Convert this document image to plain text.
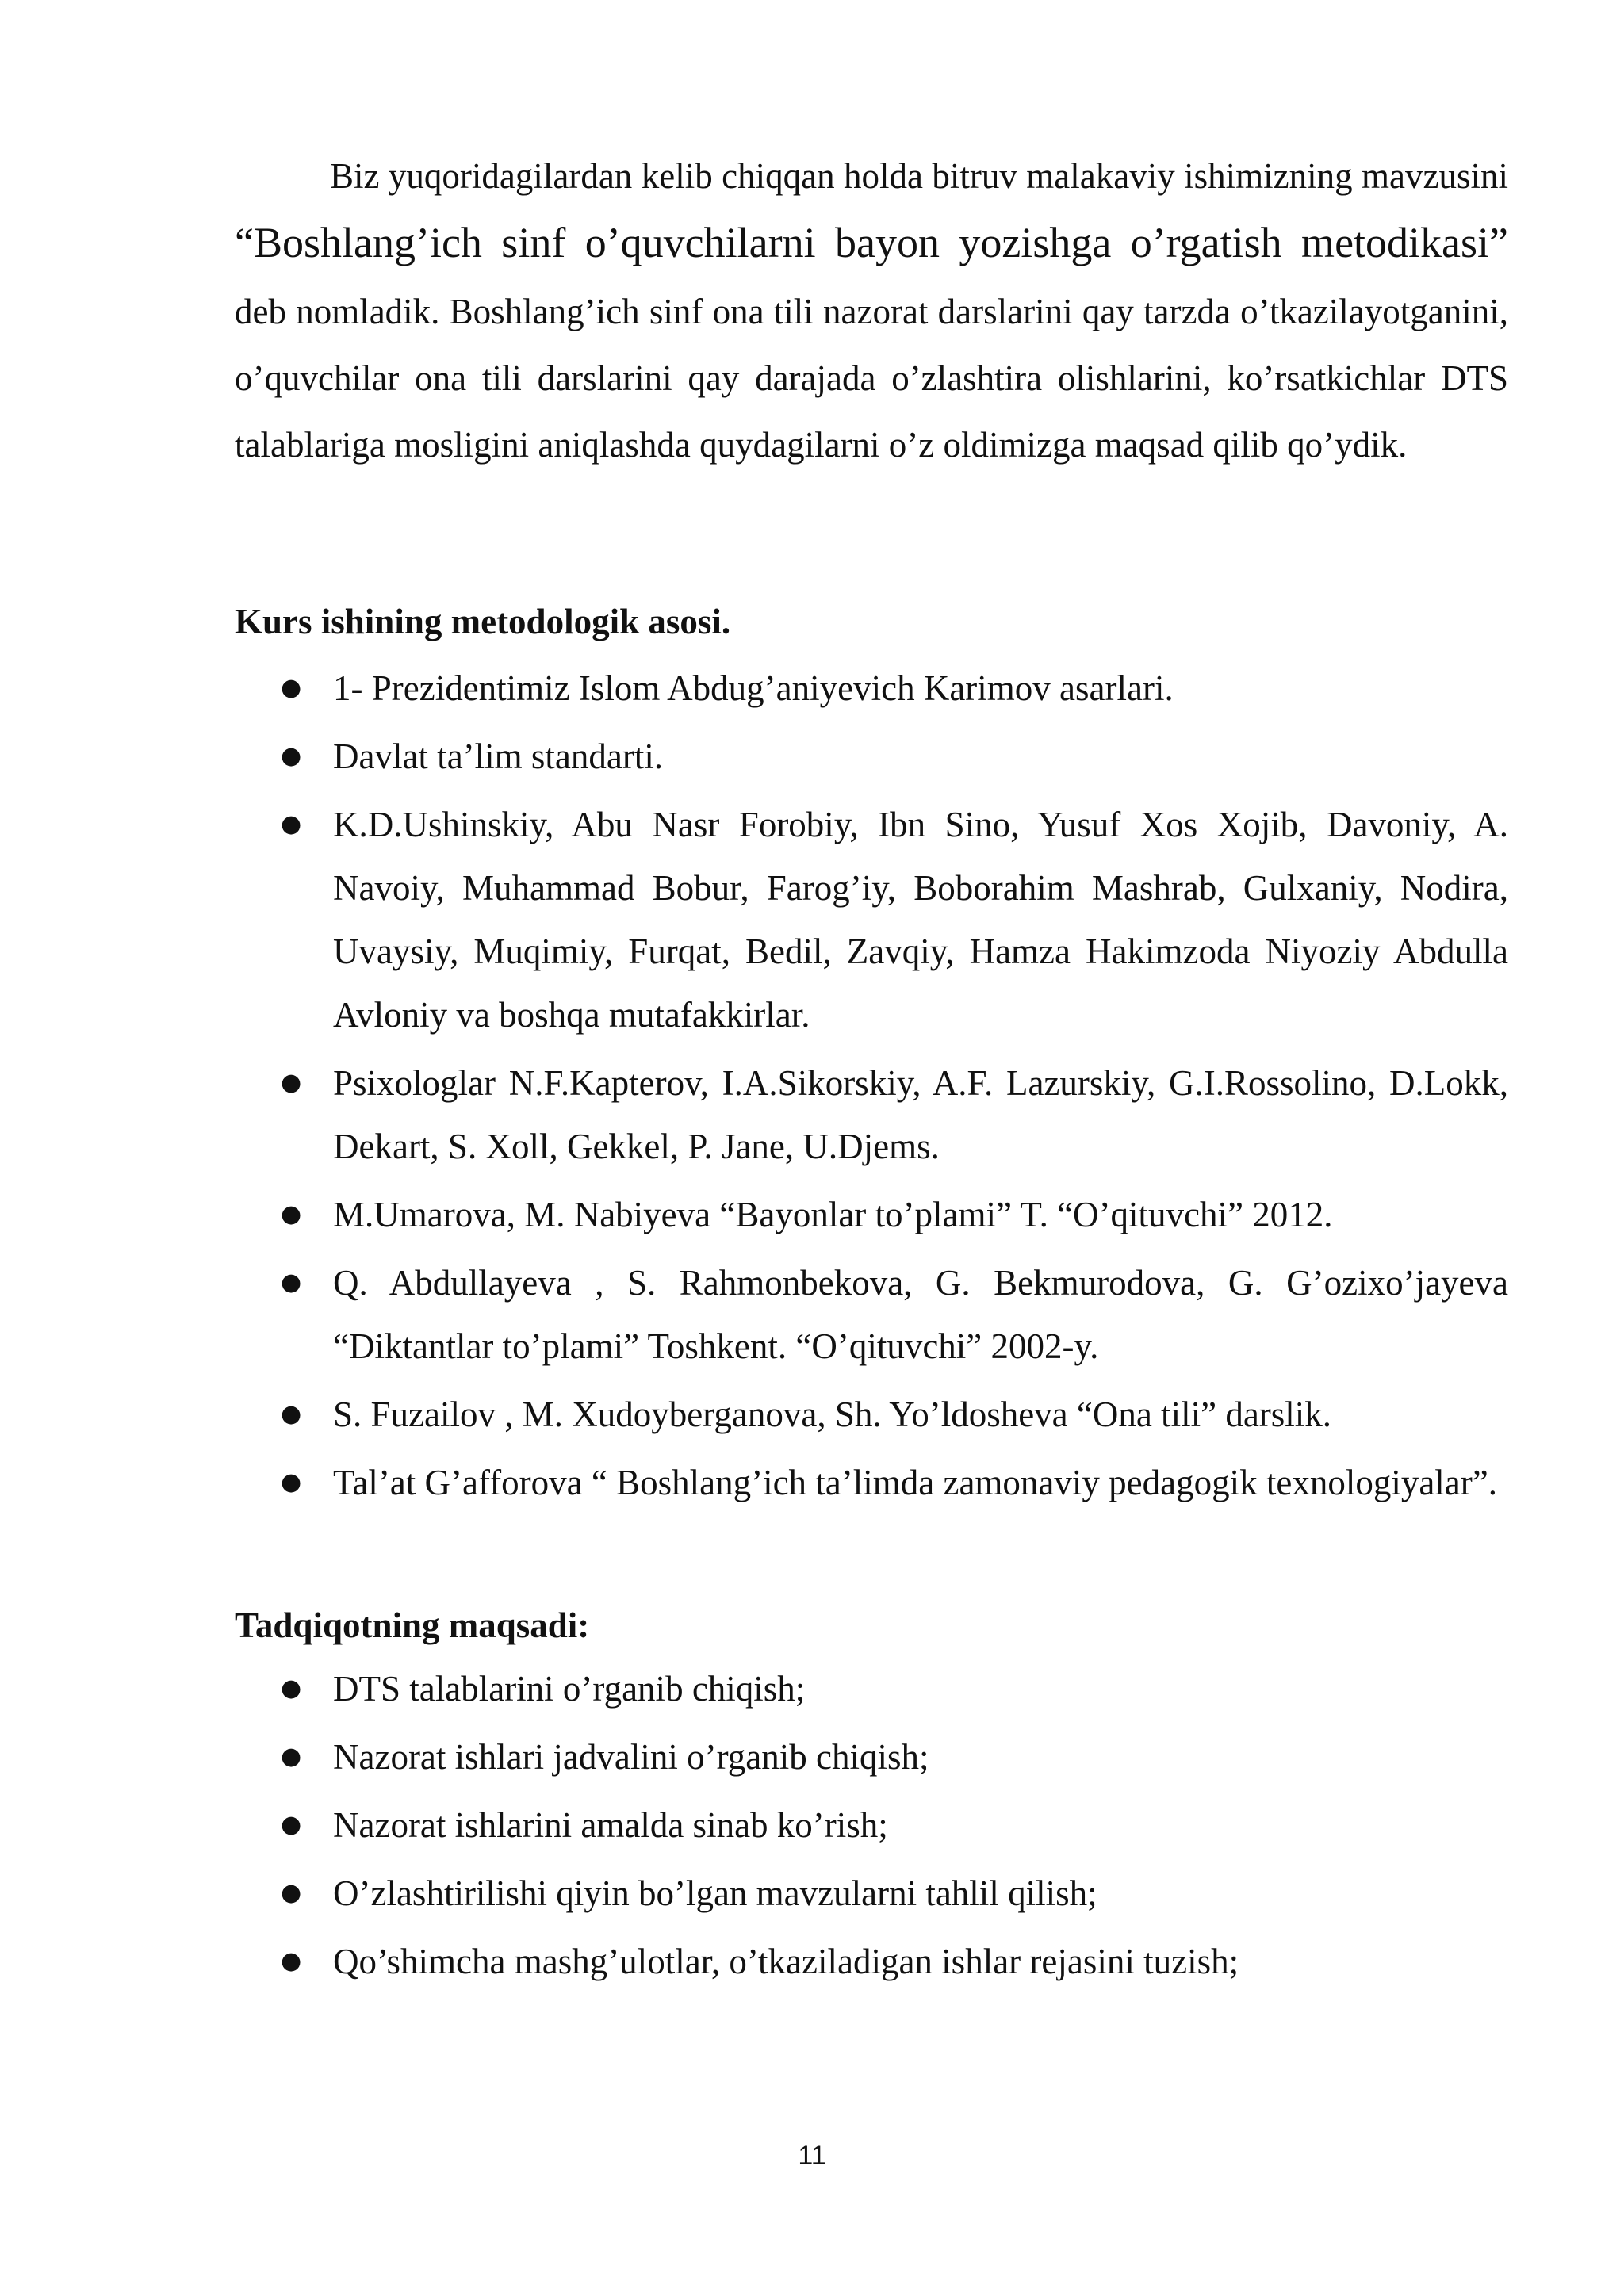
Biz yuqoridagilardan kelib chiqqan holda bitruv malakaviy ishimizning mavzusini “Boshlang’ich sinf o’quvchilarni bayon yozishga o’rgatish metodikasi” deb nomladik. Boshlang’ich sinf ona tili nazorat darslarini qay tarzda o’tkazilayotganini, o’quvchilar ona tili darslarini qay darajada o’zlashtira olishlarini, ko’rsatkichlar DTS talablariga mosligini aniqlashda quydagilarni o’z oldimizga maqsad qilib qo’ydik.

Kurs ishining metodologik asosi.
● 1- Prezidentimiz Islom Abdug’aniyevich Karimov asarlari.
● Davlat ta’lim standarti.
● K.D.Ushinskiy, Abu Nasr Forobiy, Ibn Sino, Yusuf Xos Xojib, Davoniy, A. Navoiy, Muhammad Bobur, Farog’iy, Boborahim Mashrab, Gulxaniy, Nodira, Uvaysiy, Muqimiy, Furqat, Bedil, Zavqiy, Hamza Hakimzoda Niyoziy Abdulla Avloniy va boshqa mutafakkirlar.
● Psixologlar N.F.Kapterov, I.A.Sikorskiy, A.F. Lazurskiy, G.I.Rossolino, D.Lokk, Dekart, S. Xoll, Gekkel, P. Jane, U.Djems.
● M.Umarova, M. Nabiyeva “Bayonlar to’plami” T. “O’qituvchi” 2012.
● Q. Abdullayeva , S. Rahmonbekova, G. Bekmurodova, G. G’ozixo’jayeva “Diktantlar to’plami” Toshkent. “O’qituvchi” 2002-y.
● S. Fuzailov , M. Xudoyberganova, Sh. Yo’ldosheva “Ona tili” darslik.
● Tal’at G’afforova “ Boshlang’ich ta’limda zamonaviy pedagogik texnologiyalar”.
Tadqiqotning maqsadi:
● DTS talablarini o’rganib chiqish;
● Nazorat ishlari jadvalini o’rganib chiqish;
● Nazorat ishlarini amalda sinab ko’rish;
● O’zlashtirilishi qiyin bo’lgan mavzularni tahlil qilish;
● Qo’shimcha mashg’ulotlar, o’tkaziladigan ishlar rejasini tuzish;
11
